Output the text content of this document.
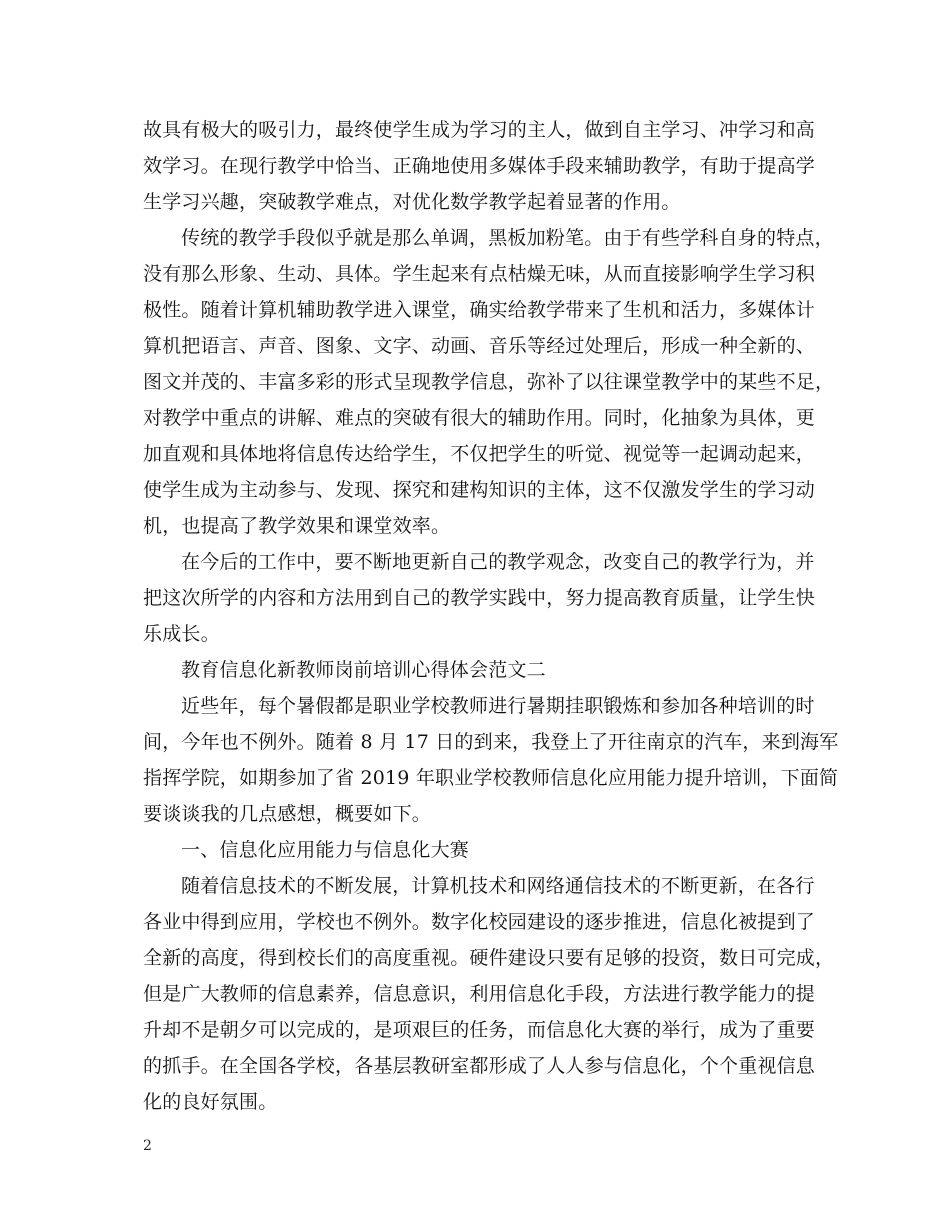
故具有极大的吸引力，最终使学生成为学习的主人，做到自主学习、冲学习和高
效学习。在现行教学中恰当、正确地使用多媒体手段来辅助教学，有助于提高学
生学习兴趣，突破教学难点，对优化数学教学起着显著的作用。
传统的教学手段似乎就是那么单调，黑板加粉笔。由于有些学科自身的特点，
没有那么形象、生动、具体。学生起来有点枯燥无味，从而直接影响学生学习积
极性。随着计算机辅助教学进入课堂，确实给教学带来了生机和活力，多媒体计
算机把语言、声音、图象、文字、动画、音乐等经过处理后，形成一种全新的、
图文并茂的、丰富多彩的形式呈现教学信息，弥补了以往课堂教学中的某些不足，
对教学中重点的讲解、难点的突破有很大的辅助作用。同时，化抽象为具体，更
加直观和具体地将信息传达给学生，不仅把学生的听觉、视觉等一起调动起来，
使学生成为主动参与、发现、探究和建构知识的主体，这不仅激发学生的学习动
机，也提高了教学效果和课堂效率。
在今后的工作中，要不断地更新自己的教学观念，改变自己的教学行为，并
把这次所学的内容和方法用到自己的教学实践中，努力提高教育质量，让学生快
乐成长。
教育信息化新教师岗前培训心得体会范文二
近些年，每个暑假都是职业学校教师进行暑期挂职锻炼和参加各种培训的时
间，今年也不例外。随着 8 月 17 日的到来，我登上了开往南京的汽车，来到海军
指挥学院，如期参加了省 2019 年职业学校教师信息化应用能力提升培训，下面简
要谈谈我的几点感想，概要如下。
一、信息化应用能力与信息化大赛
随着信息技术的不断发展，计算机技术和网络通信技术的不断更新，在各行
各业中得到应用，学校也不例外。数字化校园建设的逐步推进，信息化被提到了
全新的高度，得到校长们的高度重视。硬件建设只要有足够的投资，数日可完成，
但是广大教师的信息素养，信息意识，利用信息化手段，方法进行教学能力的提
升却不是朝夕可以完成的，是项艰巨的任务，而信息化大赛的举行，成为了重要
的抓手。在全国各学校，各基层教研室都形成了人人参与信息化，个个重视信息
化的良好氛围。
2
